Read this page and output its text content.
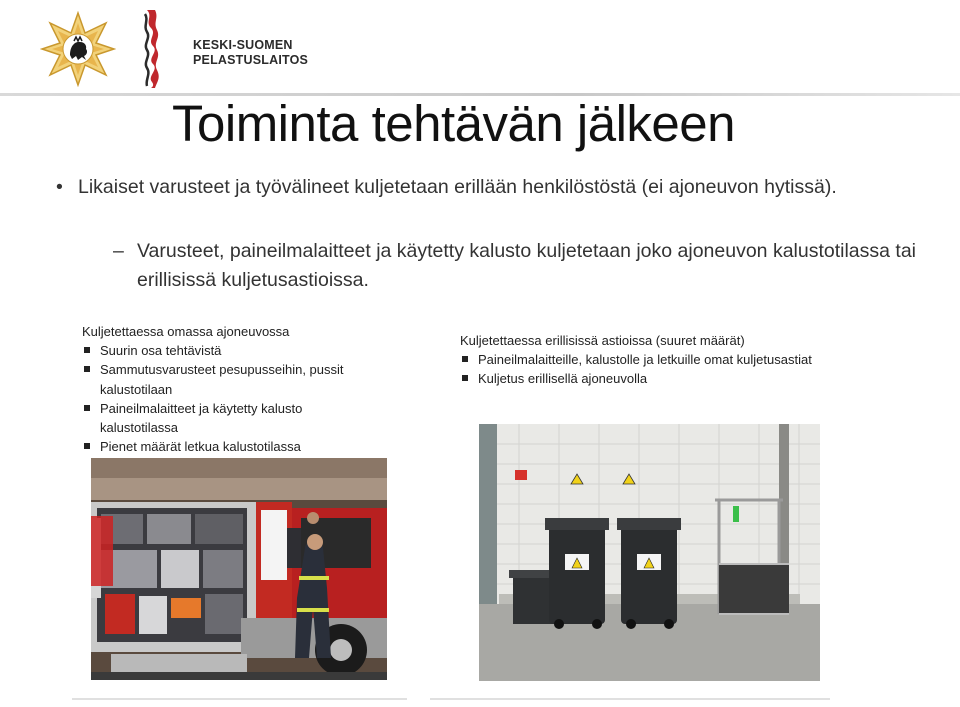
KESKI-SUOMEN
PELASTUSLAITOS
Toiminta tehtävän jälkeen
• Likaiset varusteet ja työvälineet kuljetetaan erillään henkilöstöstä (ei ajoneuvon hytissä).
– Varusteet, paineilmalaitteet ja käytetty kalusto kuljetetaan joko ajoneuvon kalustotilassa tai erillisissä kuljetusastioissa.
Kuljetettaessa omassa ajoneuvossa
Suurin osa tehtävistä
Sammutusvarusteet pesupusseihin, pussit kalustotilaan
Paineilmalaitteet ja käytetty kalusto kalustotilassa
Pienet määrät letkua kalustotilassa
Kuljetettaessa erillisissä astioissa (suuret määrät)
Paineilmalaitteille, kalustolle ja letkuille omat kuljetusastiat
Kuljetus erillisellä ajoneuvolla
